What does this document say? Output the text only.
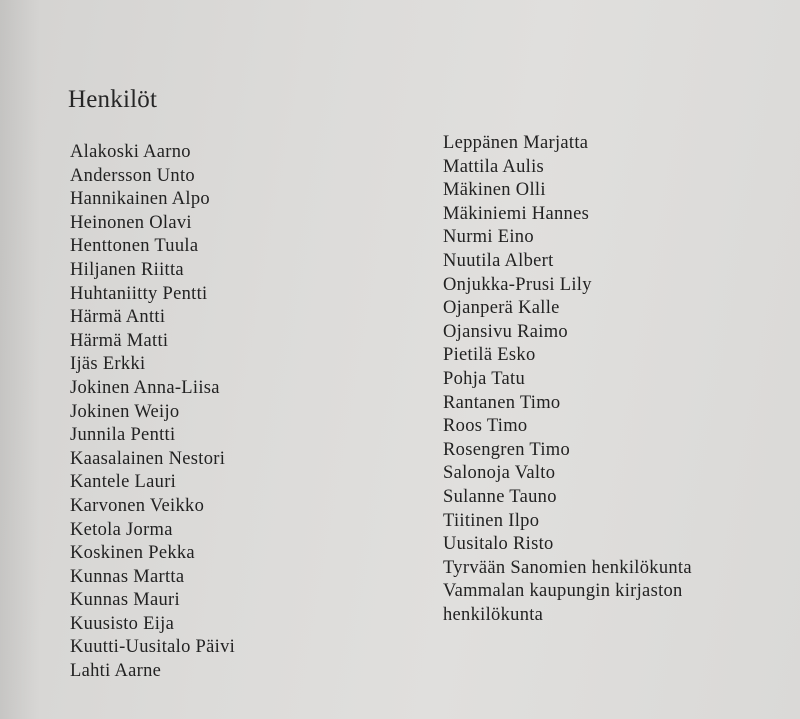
Henkilöt
Alakoski Aarno
Andersson Unto
Hannikainen Alpo
Heinonen Olavi
Henttonen Tuula
Hiljanen Riitta
Huhtaniitty Pentti
Härmä Antti
Härmä Matti
Ijäs Erkki
Jokinen Anna-Liisa
Jokinen Weijo
Junnila Pentti
Kaasalainen Nestori
Kantele Lauri
Karvonen Veikko
Ketola Jorma
Koskinen Pekka
Kunnas Martta
Kunnas Mauri
Kuusisto Eija
Kuutti-Uusitalo Päivi
Lahti Aarne
Leppänen Marjatta
Mattila Aulis
Mäkinen Olli
Mäkiniemi Hannes
Nurmi Eino
Nuutila Albert
Onjukka-Prusi Lily
Ojanperä Kalle
Ojansivu Raimo
Pietilä Esko
Pohja Tatu
Rantanen Timo
Roos Timo
Rosengren Timo
Salonoja Valto
Sulanne Tauno
Tiitinen Ilpo
Uusitalo Risto
Tyrvään Sanomien henkilökunta
Vammalan kaupungin kirjaston henkilökunta
